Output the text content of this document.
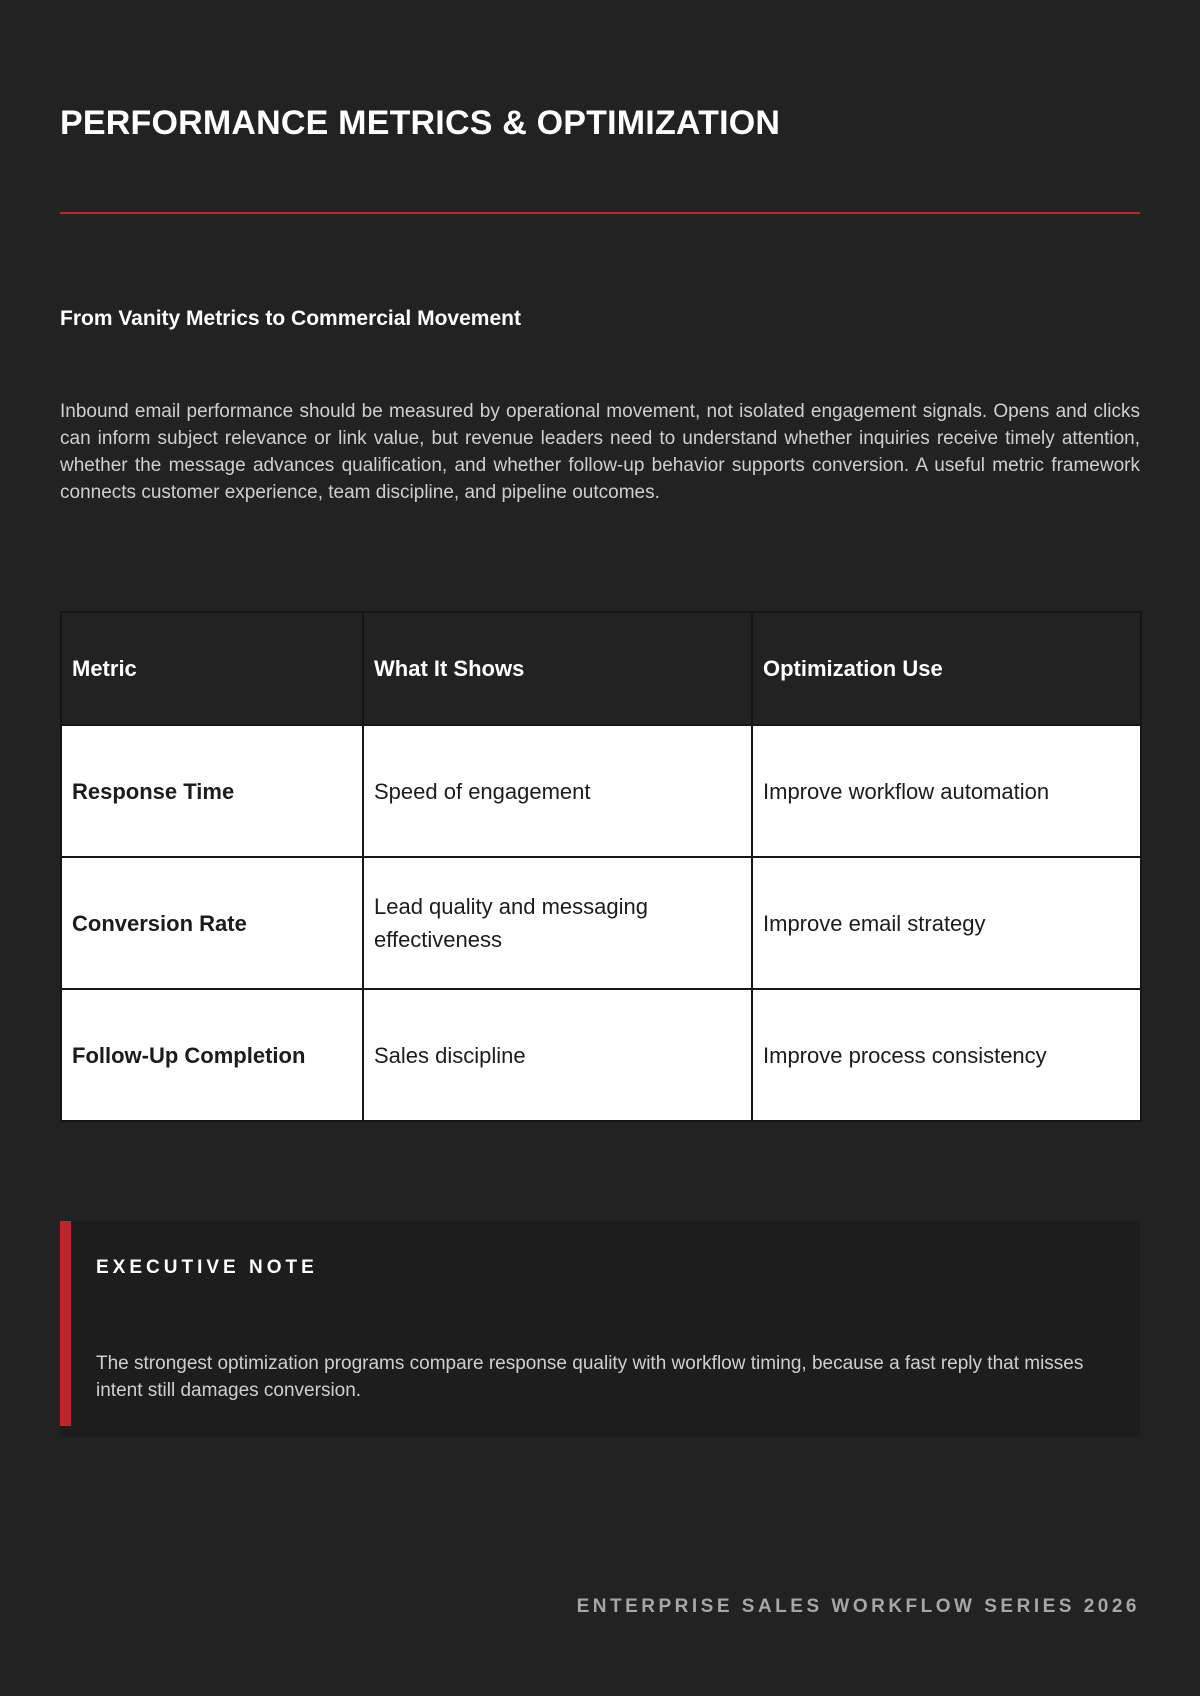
PERFORMANCE METRICS & OPTIMIZATION
From Vanity Metrics to Commercial Movement

Inbound email performance should be measured by operational movement, not isolated engagement signals. Opens and clicks can inform subject relevance or link value, but revenue leaders need to understand whether inquiries receive timely attention, whether the message advances qualification, and whether follow-up behavior supports conversion. A useful metric framework connects customer experience, team discipline, and pipeline outcomes.

Metric	What It Shows	Optimization Use
Response Time	Speed of engagement	Improve workflow automation
Conversion Rate	Lead quality and messaging effectiveness	Improve email strategy
Follow-Up Completion	Sales discipline	Improve process consistency
EXECUTIVE NOTE

The strongest optimization programs compare response quality with workflow timing, because a fast reply that misses intent still damages conversion.

ENTERPRISE SALES WORKFLOW SERIES 2026
